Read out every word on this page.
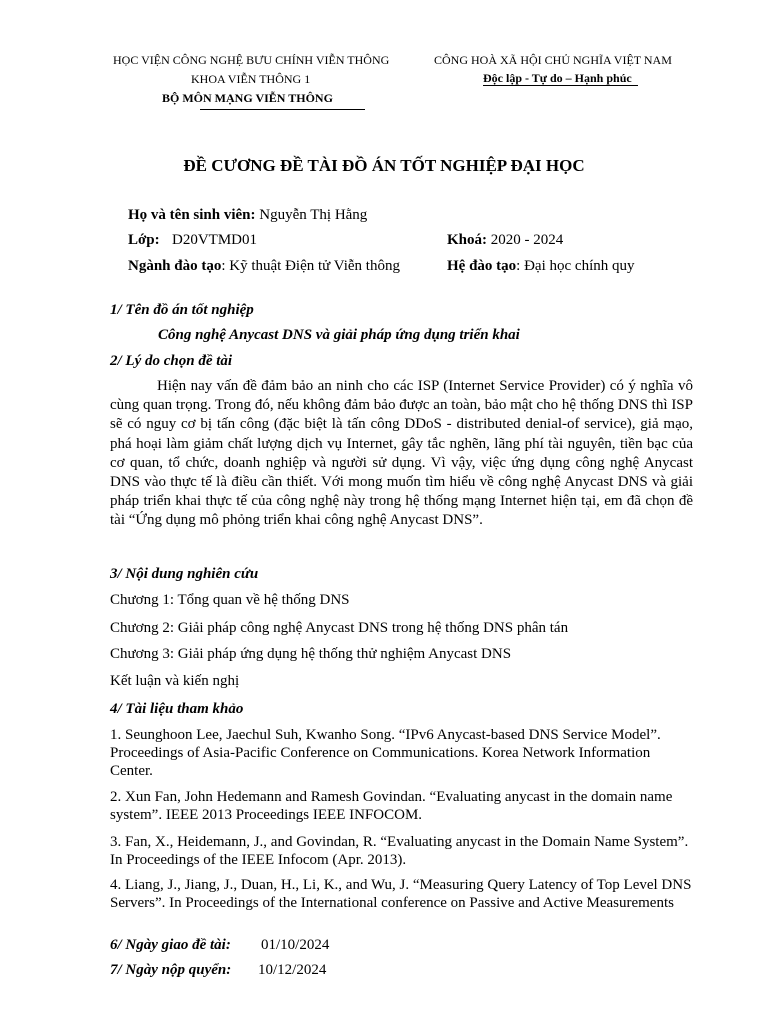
HỌC VIỆN CÔNG NGHỆ BƯU CHÍNH VIỄN THÔNG
KHOA VIỄN THÔNG 1
BỘ MÔN MẠNG VIỄN THÔNG
CÔNG HOÀ XÃ HỘI CHỦ NGHĨA VIỆT NAM
Độc lập - Tự do – Hạnh phúc
ĐỀ CƯƠNG ĐỀ TÀI ĐỒ ÁN TỐT NGHIỆP ĐẠI HỌC
Họ và tên sinh viên: Nguyễn Thị Hằng
Lớp: D20VTMD01	Khoá: 2020 - 2024
Ngành đào tạo: Kỹ thuật Điện tử Viễn thông	Hệ đào tạo: Đại học chính quy
1/ Tên đồ án tốt nghiệp
Công nghệ Anycast DNS và giải pháp ứng dụng triển khai
2/ Lý do chọn đề tài
Hiện nay vấn đề đảm bảo an ninh cho các ISP (Internet Service Provider) có ý nghĩa vô cùng quan trọng. Trong đó, nếu không đảm bảo được an toàn, bảo mật cho hệ thống DNS thì ISP sẽ có nguy cơ bị tấn công (đặc biệt là tấn công DDoS - distributed denial-of service), giả mạo, phá hoại làm giảm chất lượng dịch vụ Internet, gây tắc nghẽn, lãng phí tài nguyên, tiền bạc của cơ quan, tổ chức, doanh nghiệp và người sử dụng. Vì vậy, việc ứng dụng công nghệ Anycast DNS vào thực tế là điều cần thiết. Với mong muốn tìm hiểu về công nghệ Anycast DNS và giải pháp triển khai thực tế của công nghệ này trong hệ thống mạng Internet hiện tại, em đã chọn đề tài “Ứng dụng mô phỏng triển khai công nghệ Anycast DNS”.
3/ Nội dung nghiên cứu
Chương 1: Tổng quan về hệ thống DNS
Chương 2: Giải pháp công nghệ Anycast DNS trong hệ thống DNS phân tán
Chương 3: Giải pháp ứng dụng hệ thống thử nghiệm Anycast DNS
Kết luận và kiến nghị
4/ Tài liệu tham khảo
1. Seunghoon Lee, Jaechul Suh, Kwanho Song. “IPv6 Anycast-based DNS Service Model”. Proceedings of Asia-Pacific Conference on Communications. Korea Network Information Center.
2. Xun Fan, John Hedemann and Ramesh Govindan. “Evaluating anycast in the domain name system”. IEEE 2013 Proceedings IEEE INFOCOM.
3. Fan, X., Heidemann, J., and Govindan, R. “Evaluating anycast in the Domain Name System”. In Proceedings of the IEEE Infocom (Apr. 2013).
4. Liang, J., Jiang, J., Duan, H., Li, K., and Wu, J. “Measuring Query Latency of Top Level DNS Servers”. In Proceedings of the International conference on Passive and Active Measurements
6/ Ngày giao đề tài: 01/10/2024
7/ Ngày nộp quyển: 10/12/2024
